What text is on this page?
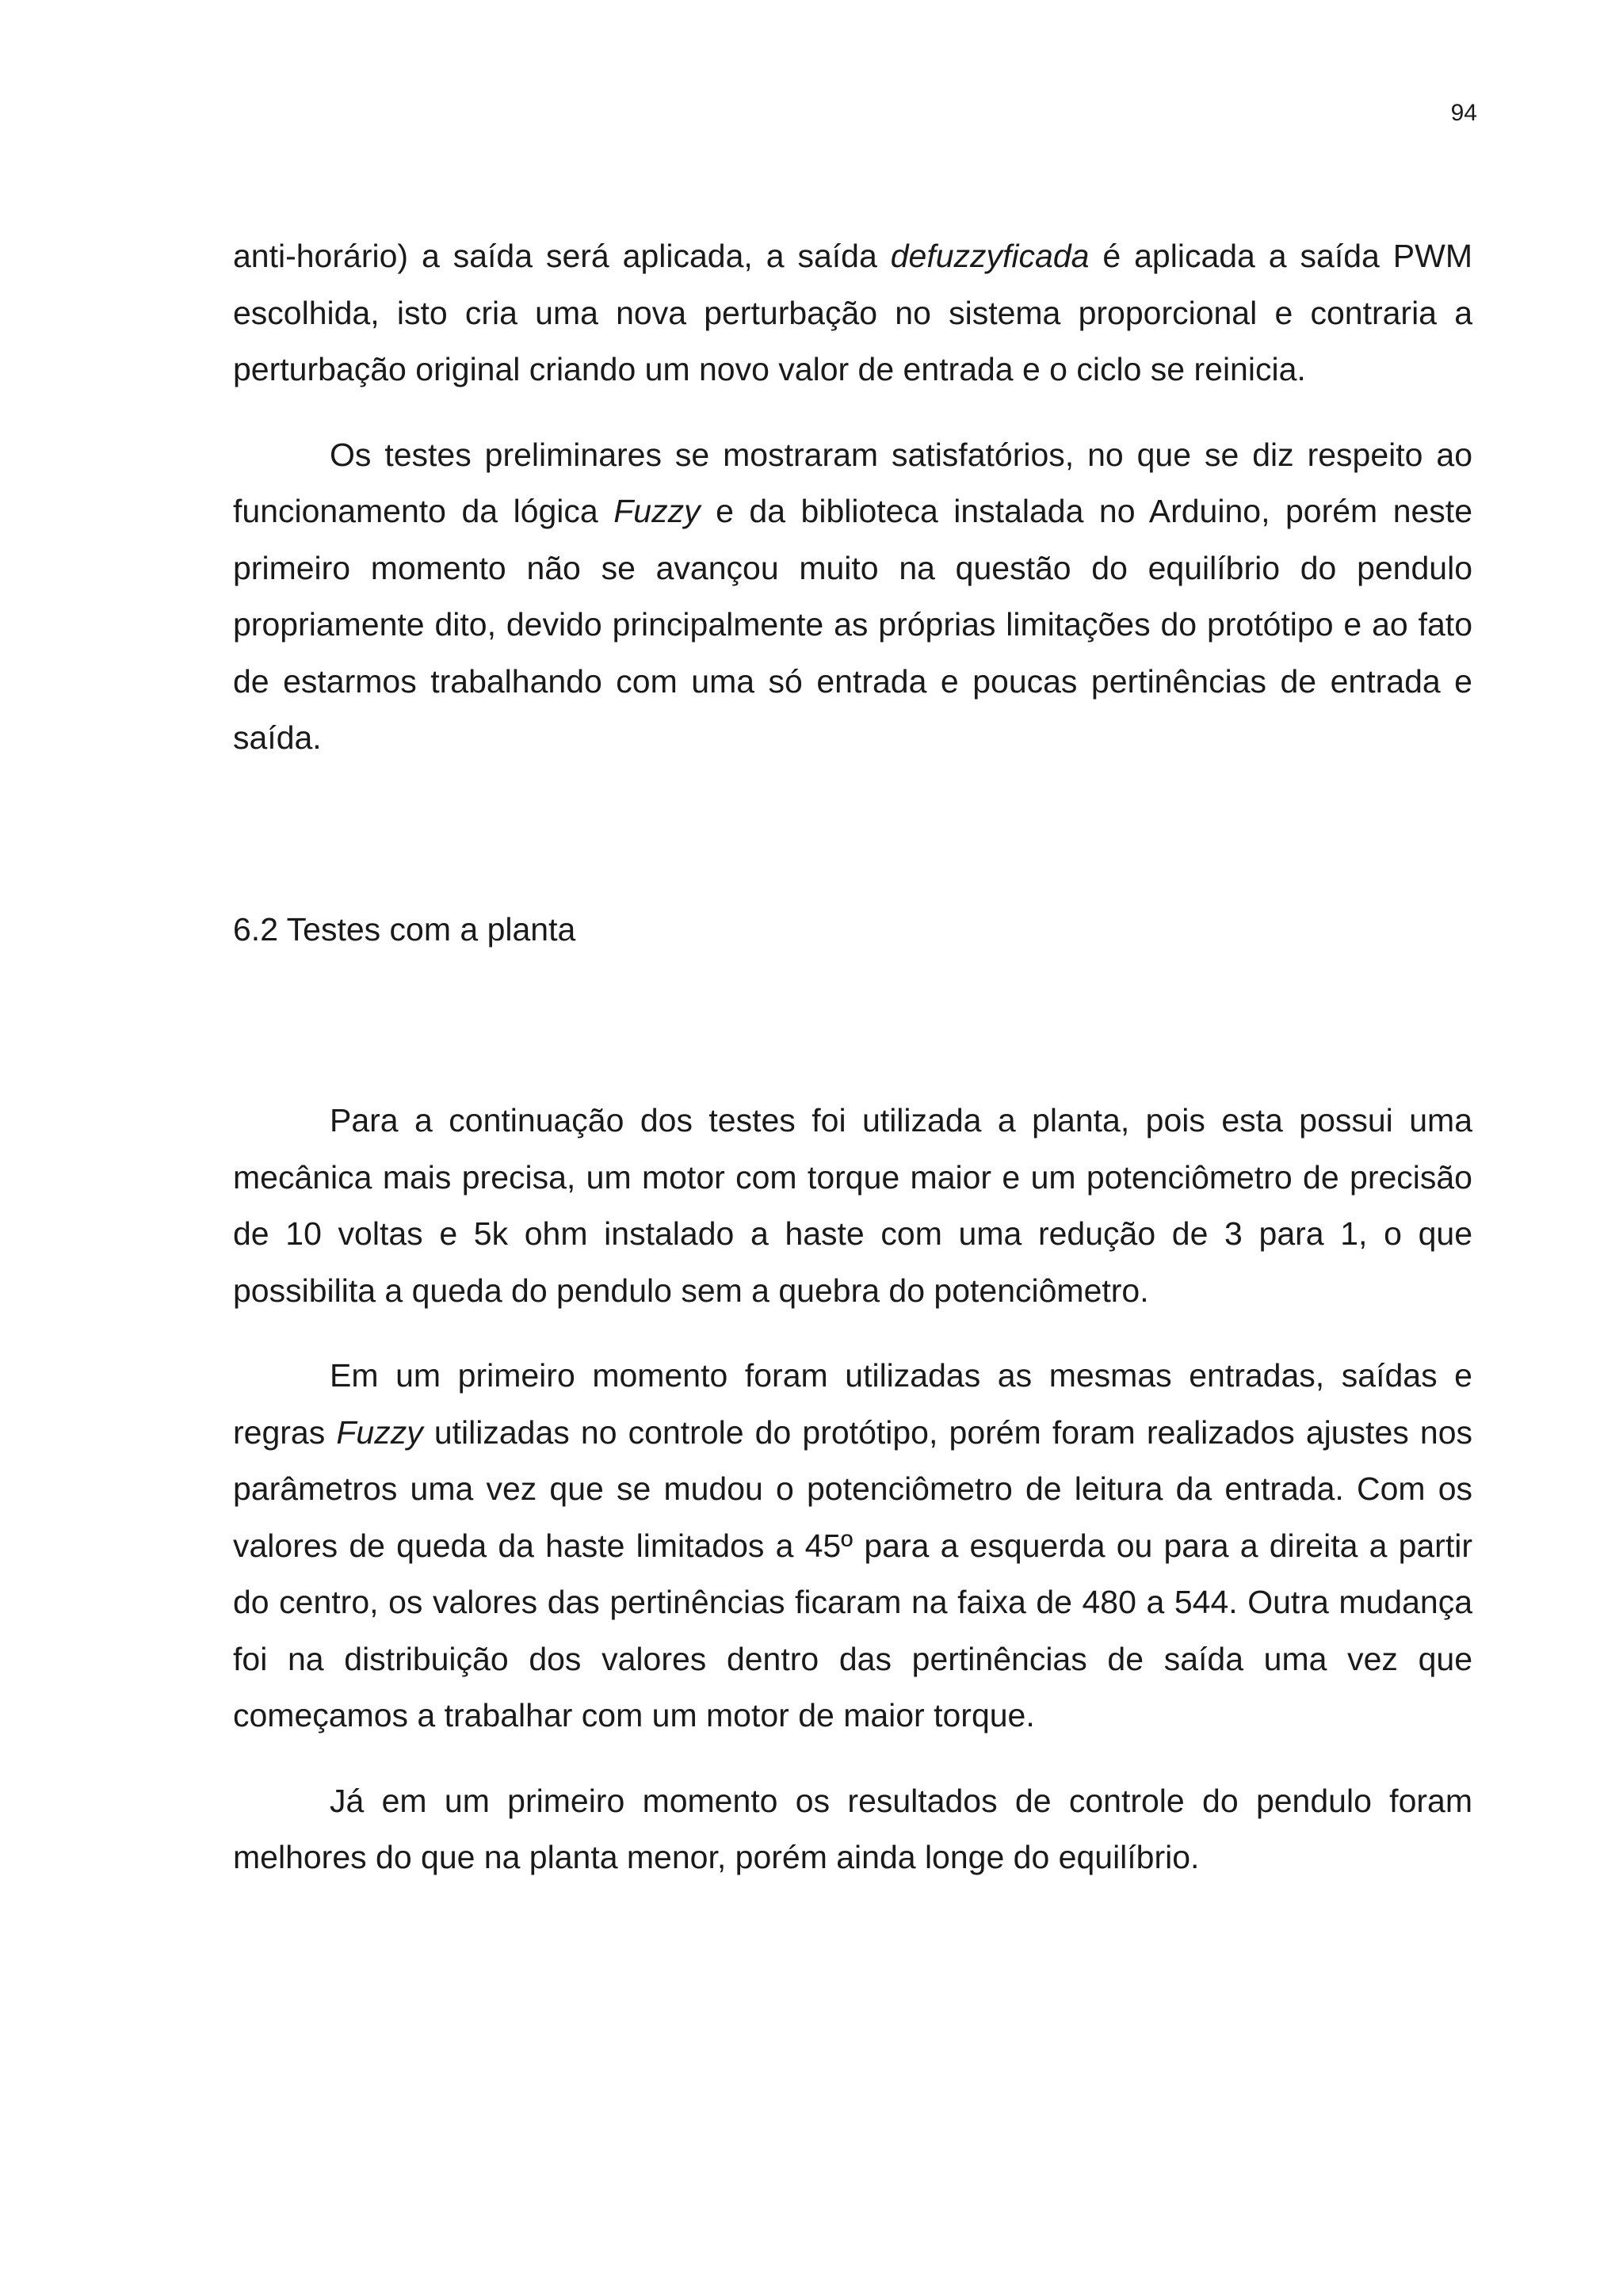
94

anti-horário) a saída será aplicada, a saída defuzzyficada é aplicada a saída PWM escolhida, isto cria uma nova perturbação no sistema proporcional e contraria a perturbação original criando um novo valor de entrada e o ciclo se reinicia.

Os testes preliminares se mostraram satisfatórios, no que se diz respeito ao funcionamento da lógica Fuzzy e da biblioteca instalada no Arduino, porém neste primeiro momento não se avançou muito na questão do equilíbrio do pendulo propriamente dito, devido principalmente as próprias limitações do protótipo e ao fato de estarmos trabalhando com uma só entrada e poucas pertinências de entrada e saída.

6.2 Testes com a planta

Para a continuação dos testes foi utilizada a planta, pois esta possui uma mecânica mais precisa, um motor com torque maior e um potenciômetro de precisão de 10 voltas e 5k ohm instalado a haste com uma redução de 3 para 1, o que possibilita a queda do pendulo sem a quebra do potenciômetro.

Em um primeiro momento foram utilizadas as mesmas entradas, saídas e regras Fuzzy utilizadas no controle do protótipo, porém foram realizados ajustes nos parâmetros uma vez que se mudou o potenciômetro de leitura da entrada. Com os valores de queda da haste limitados a 45º para a esquerda ou para a direita a partir do centro, os valores das pertinências ficaram na faixa de 480 a 544. Outra mudança foi na distribuição dos valores dentro das pertinências de saída uma vez que começamos a trabalhar com um motor de maior torque.

Já em um primeiro momento os resultados de controle do pendulo foram melhores do que na planta menor, porém ainda longe do equilíbrio.
